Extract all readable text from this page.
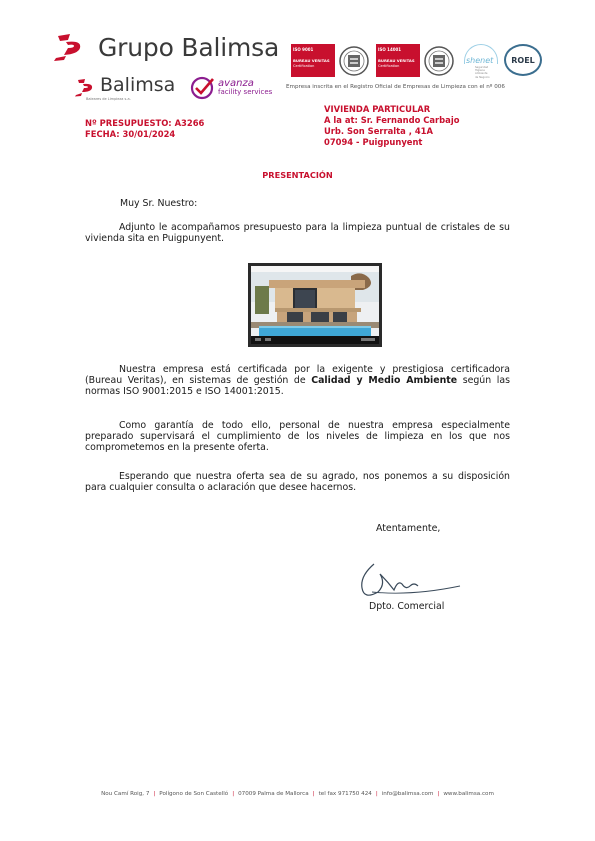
Grupo Balimsa
Balimsa
Baleares de Limpieza s.a.
avanza
facility services
ISO 9001
BUREAU VERITAS
Certification
ISO 14001
BUREAU VERITAS
Certification
shenet
Seguridad
Higiene
Ambiente
de Negocio
ROEL
Empresa inscrita en el Registro Oficial de Empresas de Limpieza con el nº 006
Nº PRESUPUESTO: A3266
FECHA: 30/01/2024
VIVIENDA PARTICULAR
A la at: Sr. Fernando Carbajo
Urb. Son Serralta , 41A
07094 - Puigpunyent
PRESENTACIÓN
Muy Sr. Nuestro:

Adjunto le acompañamos presupuesto para la limpieza puntual de cristales de su vivienda sita en Puigpunyent.

Nuestra empresa está certificada por la exigente y prestigiosa certificadora (Bureau Veritas), en sistemas de gestión de Calidad y Medio Ambiente según las normas ISO 9001:2015 e ISO 14001:2015.

Como garantía de todo ello, personal de nuestra empresa especialmente preparado supervisará el cumplimiento de los niveles de limpieza en los que nos comprometemos en la presente oferta.

Esperando que nuestra oferta sea de su agrado, nos ponemos a su disposición para cualquier consulta o aclaración que desee hacernos.

Atentamente,
Dpto. Comercial
Nou Camí Roig, 7 | Polígono de Son Castelló | 07009 Palma de Mallorca | tel fax 971750 424 | info@balimsa.com | www.balimsa.com
